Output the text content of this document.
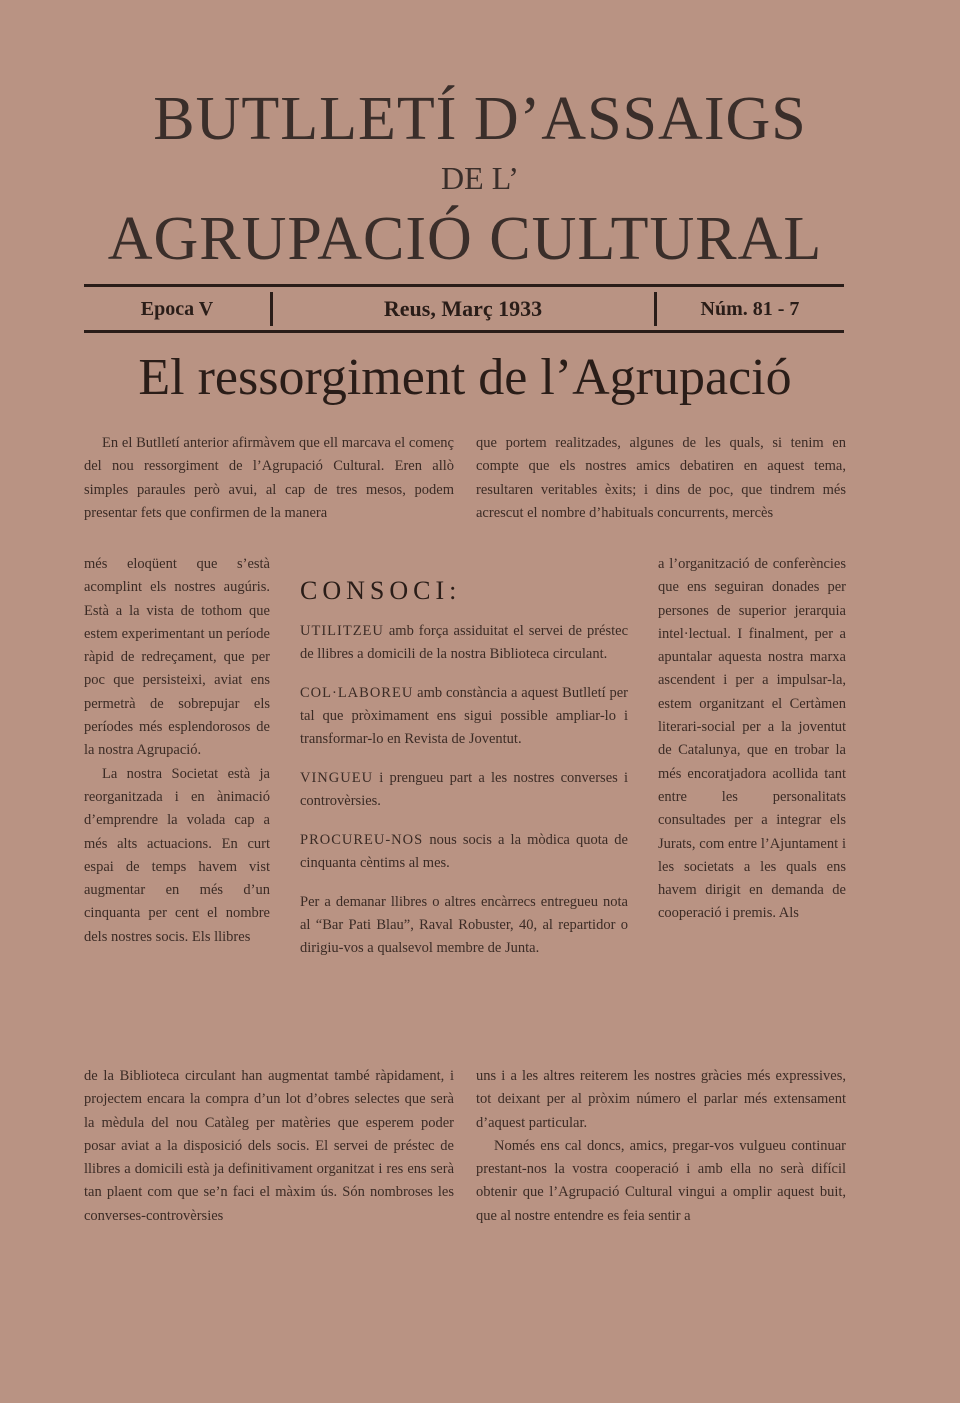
BUTLLETÍ D’ASSAIGS
DE L’
AGRUPACIÓ CULTURAL
Epoca V	Reus, Març 1933	Núm. 81 - 7
El ressorgiment de l’Agrupació

En el Butlletí anterior afirmàvem que ell marcava el començ del nou ressorgiment de l’Agrupació Cultural. Eren allò simples paraules però avui, al cap de tres mesos, podem presentar fets que confirmen de la manera

que portem realitzades, algunes de les quals, si tenim en compte que els nostres amics debatiren en aquest tema, resultaren veritables èxits; i dins de poc, que tindrem més acrescut el nombre d’habituals concurrents, mercès

més eloqüent que s’està acomplint els nostres augúris. Està a la vista de tothom que estem experimentant un període ràpid de redreçament, que per poc que persisteixi, aviat ens permetrà de sobrepujar els períodes més esplendorosos de la nostra Agrupació.

La nostra Societat està ja reorganitzada i en ànimació d’emprendre la volada cap a més alts actuacions. En curt espai de temps havem vist augmentar en més d’un cinquanta per cent el nombre dels nostres socis. Els llibres

CONSOCI:

UTILITZEU amb força assiduitat el servei de préstec de llibres a domicili de la nostra Biblioteca circulant.

COL·LABOREU amb constància a aquest Butlletí per tal que pròximament ens sigui possible ampliar-lo i transformar-lo en Revista de Joventut.

VINGUEU i prengueu part a les nostres converses i controvèrsies.

PROCUREU-NOS nous socis a la mòdica quota de cinquanta cèntims al mes.

Per a demanar llibres o altres encàrrecs entregueu nota al “Bar Pati Blau”, Raval Robuster, 40, al repartidor o dirigiu-vos a qualsevol membre de Junta.

a l’organització de conferències que ens seguiran donades per persones de superior jerarquia intel·lectual. I finalment, per a apuntalar aquesta nostra marxa ascendent i per a impulsar-la, estem organitzant el Certàmen literari-social per a la joventut de Catalunya, que en trobar la més encoratjadora acollida tant entre les personalitats consultades per a integrar els Jurats, com entre l’Ajuntament i les societats a les quals ens havem dirigit en demanda de cooperació i premis. Als

de la Biblioteca circulant han augmentat també ràpidament, i projectem encara la compra d’un lot d’obres selectes que serà la mèdula del nou Catàleg per matèries que esperem poder posar aviat a la disposició dels socis. El servei de préstec de llibres a domicili està ja definitivament organitzat i res ens serà tan plaent com que se’n faci el màxim ús. Són nombroses les converses-controvèrsies

uns i a les altres reiterem les nostres gràcies més expressives, tot deixant per al pròxim número el parlar més extensament d’aquest particular.

Només ens cal doncs, amics, pregar-vos vulgueu continuar prestant-nos la vostra cooperació i amb ella no serà difícil obtenir que l’Agrupació Cultural vingui a omplir aquest buit, que al nostre entendre es feia sentir a
